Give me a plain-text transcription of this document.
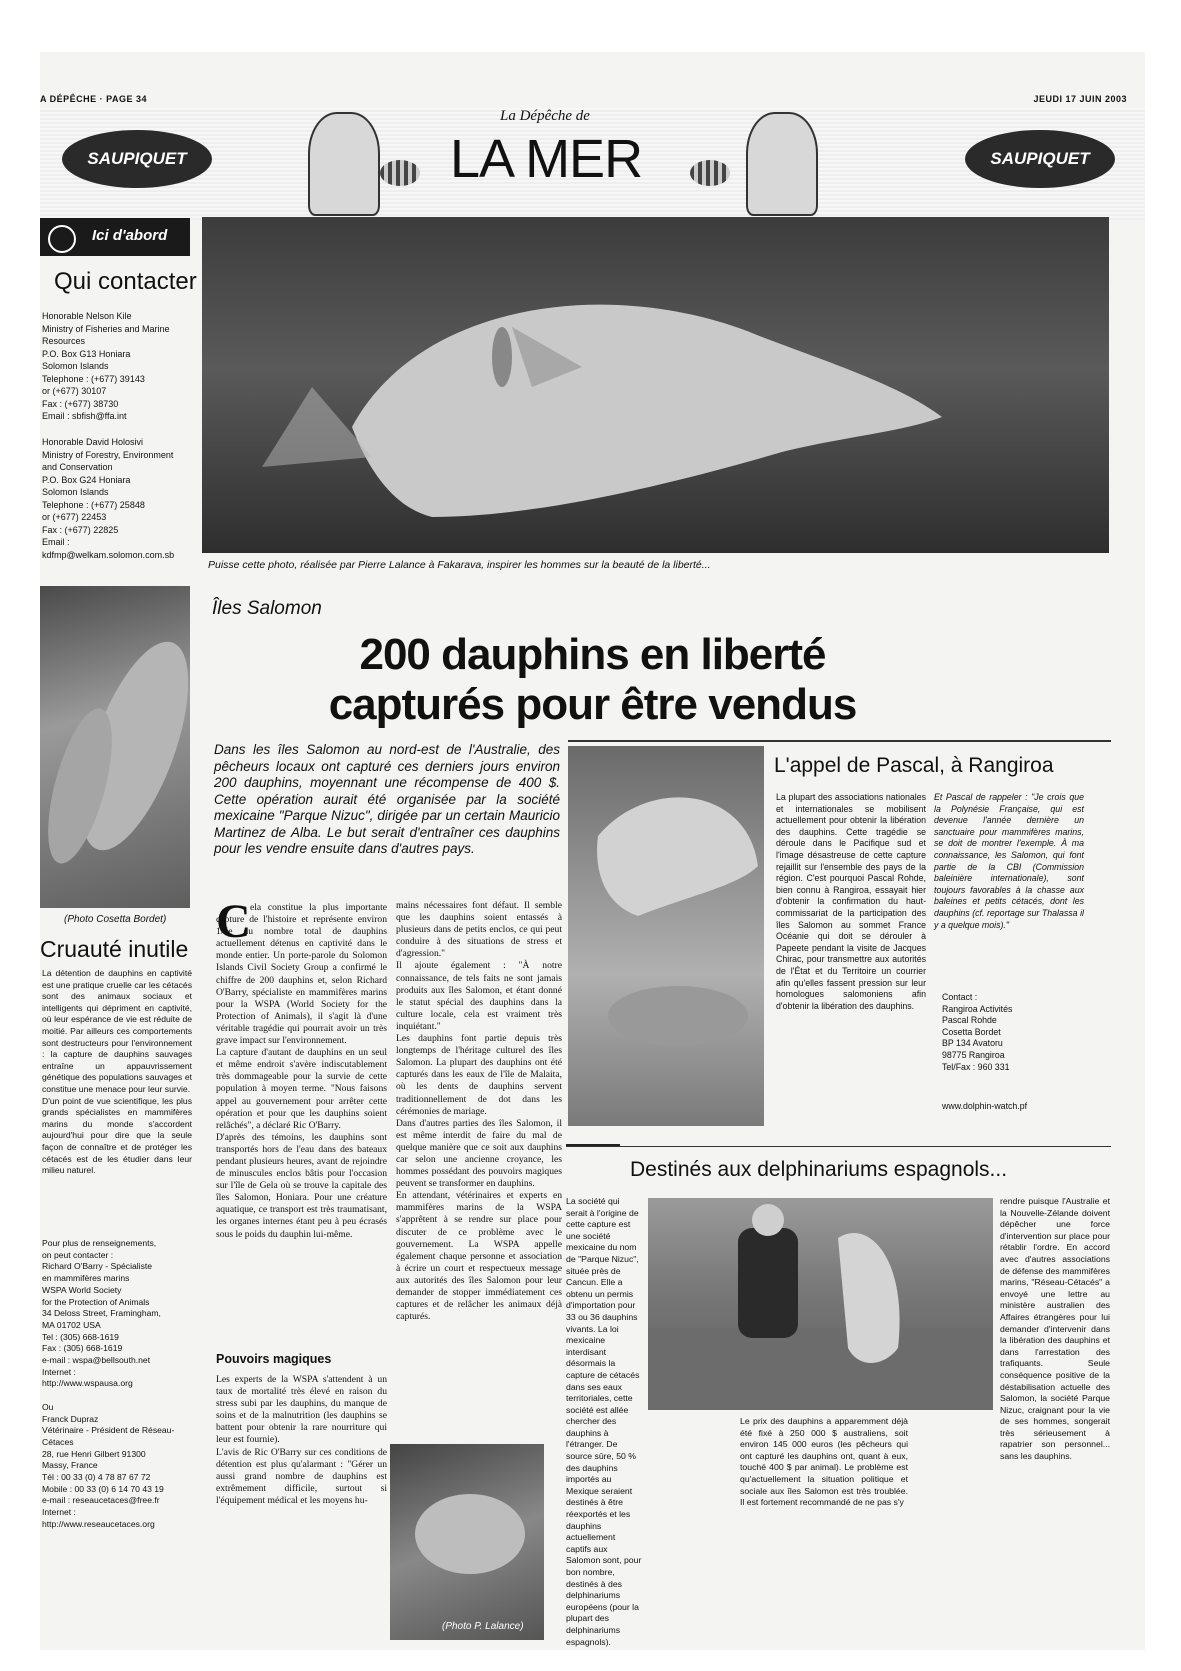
A DÉPÊCHE · PAGE 34	JEUDI 17 JUIN 2003
SAUPIQUET	SAUPIQUET
La Dépêche de
LA MER
Ici d'abord
Qui contacter
Honorable Nelson Kile
Ministry of Fisheries and Marine
Resources
P.O. Box G13 Honiara
Solomon Islands
Telephone : (+677) 39143
or (+677) 30107
Fax : (+677) 38730
Email : sbfish@ffa.int
Honorable David Holosivi
Ministry of Forestry, Environment
and Conservation
P.O. Box G24 Honiara
Solomon Islands
Telephone : (+677) 25848
or (+677) 22453
Fax : (+677) 22825
Email :
kdfmp@welkam.solomon.com.sb
(Photo Cosetta Bordet)
Cruauté inutile
La détention de dauphins en captivité est une pratique cruelle car les cétacés sont des animaux sociaux et intelligents qui dépriment en captivité, où leur espérance de vie est réduite de moitié. Par ailleurs ces comportements sont destructeurs pour l'environnement : la capture de dauphins sauvages entraîne un appauvrissement génétique des populations sauvages et constitue une menace pour leur survie.
D'un point de vue scientifique, les plus grands spécialistes en mammifères marins du monde s'accordent aujourd'hui pour dire que la seule façon de connaître et de protéger les cétacés est de les étudier dans leur milieu naturel.
Pour plus de renseignements,
on peut contacter :
Richard O'Barry - Spécialiste
en mammifères marins
WSPA World Society
for the Protection of Animals
34 Deloss Street, Framingham,
MA 01702 USA
Tel : (305) 668-1619
Fax : (305) 668-1619
e-mail : wspa@bellsouth.net
Internet :
http://www.wspausa.org

Ou
Franck Dupraz
Vétérinaire - Président de Réseau-
Cétaces
28, rue Henri Gilbert 91300
Massy, France
Tél : 00 33 (0) 4 78 87 67 72
Mobile : 00 33 (0) 6 14 70 43 19
e-mail : reseaucetaces@free.fr
Internet :
http://www.reseaucetaces.org
Puisse cette photo, réalisée par Pierre Lalance à Fakarava, inspirer les hommes sur la beauté de la liberté...
Îles Salomon
200 dauphins en liberté
capturés pour être vendus
Dans les îles Salomon au nord-est de l'Australie, des pêcheurs locaux ont capturé ces derniers jours environ 200 dauphins, moyennant une récompense de 400 $. Cette opération aurait été organisée par la société mexicaine "Parque Nizuc", dirigée par un certain Mauricio Martinez de Alba. Le but serait d'entraîner ces dauphins pour les vendre ensuite dans d'autres pays.
C ela constitue la plus importante capture de l'histoire et représente environ 1/5e du nombre total de dauphins actuellement détenus en captivité dans le monde entier. Un porte-parole du Solomon Islands Civil Society Group a confirmé le chiffre de 200 dauphins et, selon Richard O'Barry, spécialiste en mammifères marins pour la WSPA (World Society for the Protection of Animals), il s'agit là d'une véritable tragédie qui pourrait avoir un très grave impact sur l'environnement.
La capture d'autant de dauphins en un seul et même endroit s'avère indiscutablement très dommageable pour la survie de cette population à moyen terme. "Nous faisons appel au gouvernement pour arrêter cette opération et pour que les dauphins soient relâchés", a déclaré Ric O'Barry.
D'après des témoins, les dauphins sont transportés hors de l'eau dans des bateaux pendant plusieurs heures, avant de rejoindre de minuscules enclos bâtis pour l'occasion sur l'île de Gela où se trouve la capitale des îles Salomon, Honiara. Pour une créature aquatique, ce transport est très traumatisant, les organes internes étant peu à peu écrasés sous le poids du dauphin lui-même.
Pouvoirs magiques
Les experts de la WSPA s'attendent à un taux de mortalité très élevé en raison du stress subi par les dauphins, du manque de soins et de la malnutrition (les dauphins se battent pour obtenir la rare nourriture qui leur est fournie).
L'avis de Ric O'Barry sur ces conditions de détention est plus qu'alarmant : "Gérer un aussi grand nombre de dauphins est extrêmement difficile, surtout si l'équipement médical et les moyens hu-
mains nécessaires font défaut. Il semble que les dauphins soient entassés à plusieurs dans de petits enclos, ce qui peut conduire à des situations de stress et d'agression."
Il ajoute également : "À notre connaissance, de tels faits ne sont jamais produits aux îles Salomon, et étant donné le statut spécial des dauphins dans la culture locale, cela est vraiment très inquiétant."
Les dauphins font partie depuis très longtemps de l'héritage culturel des îles Salomon. La plupart des dauphins ont été capturés dans les eaux de l'île de Malaita, où les dents de dauphins servent traditionnellement de dot dans les cérémonies de mariage.
Dans d'autres parties des îles Salomon, il est même interdit de faire du mal de quelque manière que ce soit aux dauphins car selon une ancienne croyance, les hommes possédant des pouvoirs magiques peuvent se transformer en dauphins.
En attendant, vétérinaires et experts en mammifères marins de la WSPA s'apprêtent à se rendre sur place pour discuter de ce problème avec le gouvernement. La WSPA appelle également chaque personne et association à écrire un court et respectueux message aux autorités des îles Salomon pour leur demander de stopper immédiatement ces captures et de relâcher les animaux déjà capturés.
(Photo P. Lalance)
L'appel de Pascal, à Rangiroa
La plupart des associations nationales et internationales se mobilisent actuellement pour obtenir la libération des dauphins. Cette tragédie se déroule dans le Pacifique sud et l'image désastreuse de cette capture rejaillit sur l'ensemble des pays de la région. C'est pourquoi Pascal Rohde, bien connu à Rangiroa, essayait hier d'obtenir la confirmation du haut-commissariat de la participation des îles Salomon au sommet France Océanie qui doit se dérouler à Papeete pendant la visite de Jacques Chirac, pour transmettre aux autorités de l'État et du Territoire un courrier afin qu'elles fassent pression sur leur homologues salomoniens afin d'obtenir la libération des dauphins.
Et Pascal de rappeler : "Je crois que la Polynésie Française, qui est devenue l'année dernière un sanctuaire pour mammifères marins, se doit de montrer l'exemple. À ma connaissance, les Salomon, qui font partie de la CBI (Commission baleinière internationale), sont toujours favorables à la chasse aux baleines et petits cétacés, dont les dauphins (cf. reportage sur Thalassa il y a quelque mois)."
Contact :
Rangiroa Activités
Pascal Rohde
Cosetta Bordet
BP 134 Avatoru
98775 Rangiroa
Tel/Fax : 960 331
www.dolphin-watch.pf
Destinés aux delphinariums espagnols...
La société qui serait à l'origine de cette capture est une société mexicaine du nom de "Parque Nizuc", située près de Cancun. Elle a obtenu un permis d'importation pour 33 ou 36 dauphins vivants. La loi mexicaine interdisant désormais la capture de cétacés dans ses eaux territoriales, cette société est allée chercher des dauphins à l'étranger. De source sûre, 50 % des dauphins importés au Mexique seraient destinés à être réexportés et les dauphins actuellement captifs aux Salomon sont, pour bon nombre, destinés à des delphinariums européens (pour la plupart des delphinariums espagnols).
rendre puisque l'Australie et la Nouvelle-Zélande doivent dépêcher une force d'intervention sur place pour rétablir l'ordre. En accord avec d'autres associations de défense des mammifères marins, "Réseau-Cétacés" a envoyé une lettre au ministère australien des Affaires étrangères pour lui demander d'intervenir dans la libération des dauphins et dans l'arrestation des trafiquants. Seule conséquence positive de la déstabilisation actuelle des Salomon, la société Parque Nizuc, craignant pour la vie de ses hommes, songerait très sérieusement à rapatrier son personnel... sans les dauphins.
Le prix des dauphins a apparemment déjà été fixé à 250 000 $ australiens, soit environ 145 000 euros (les pêcheurs qui ont capturé les dauphins ont, quant à eux, touché 400 $ par animal). Le problème est qu'actuellement la situation politique et sociale aux îles Salomon est très troublée. Il est fortement recommandé de ne pas s'y
